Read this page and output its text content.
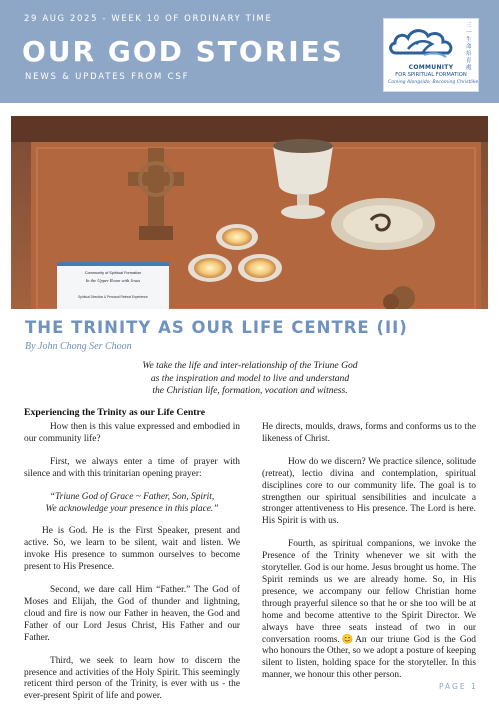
29 AUG 2025 - WEEK 10 OF ORDINARY TIME
OUR GOD STORIES
NEWS & UPDATES FROM CSF
三一生命培育處
COMMUNITY
FOR SPIRITUAL FORMATION
Coming Alongside, Becoming Christlike
Community of Spiritual Formation
In the Upper Room with Jesus
Spiritual Direction & Personal Retreat Experience
THE TRINITY AS OUR LIFE CENTRE (II)
By John Chong Ser Choon
We take the life and inter-relationship of the Triune God
as the inspiration and model to live and understand
the Christian life, formation, vocation and witness.
Experiencing the Trinity as our Life Centre

How then is this value expressed and embodied in our community life?

First, we always enter a time of prayer with silence and with this trinitarian opening prayer:

“Triune God of Grace ~ Father, Son, Spirit,
We acknowledge your presence in this place.”

He is God. He is the First Speaker, present and active. So, we learn to be silent, wait and listen. We invoke His presence to summon ourselves to become present to His Presence.

Second, we dare call Him “Father.” The God of Moses and Elijah, the God of thunder and lightning, cloud and fire is now our Father in heaven, the God and Father of our Lord Jesus Christ, His Father and our Father.

Third, we seek to learn how to discern the presence and activities of the Holy Spirit. This seemingly reticent third person of the Trinity, is ever with us - the ever-present Spirit of life and power.

He directs, moulds, draws, forms and conforms us to the likeness of Christ.

How do we discern? We practice silence, solitude (retreat), lectio divina and contemplation, spiritual disciplines core to our community life. The goal is to strengthen our spiritual sensibilities and inculcate a stronger attentiveness to His presence. The Lord is here. His Spirit is with us.

Fourth, as spiritual companions, we invoke the Presence of the Trinity whenever we sit with the storyteller. God is our home. Jesus brought us home. The Spirit reminds us we are already home. So, in His presence, we accompany our fellow Christian home through prayerful silence so that he or she too will be at home and become attentive to the Spirit Director. We always have three seats instead of two in our conversation rooms.😊An our triune God is the God who honours the Other, so we adopt a posture of keeping silent to listen, holding space for the storyteller. In this manner, we honour this other person.

PAGE 1
